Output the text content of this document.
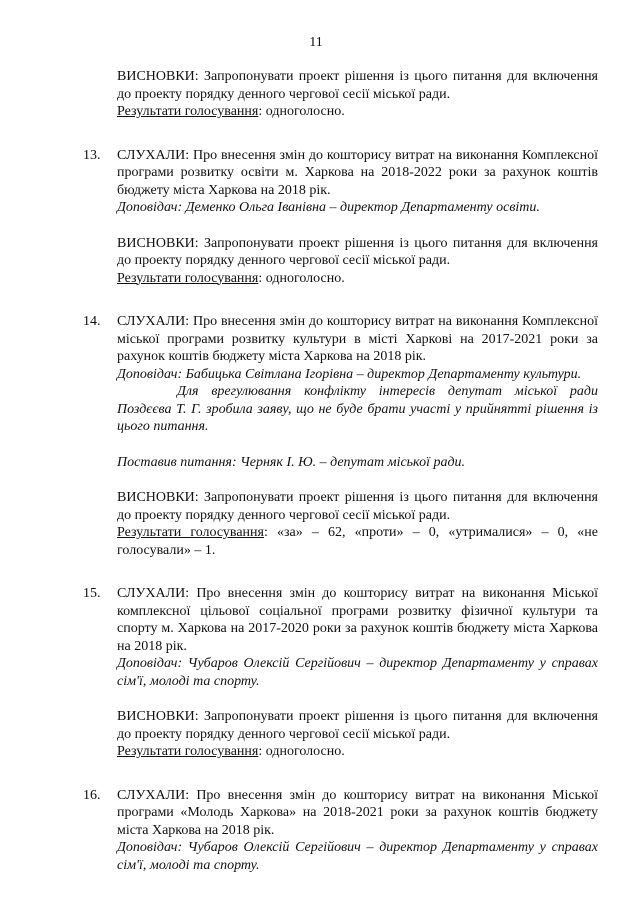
11

ВИСНОВКИ: Запропонувати проект рішення із цього питання для включення до проекту порядку денного чергової сесії міської ради.

Результати голосування: одноголосно.

13. СЛУХАЛИ: Про внесення змін до кошторису витрат на виконання Комплексної програми розвитку освіти м. Харкова на 2018-2022 роки за рахунок коштів бюджету міста Харкова на 2018 рік.

Доповідач: Деменко Ольга Іванівна – директор Департаменту освіти.

ВИСНОВКИ: Запропонувати проект рішення із цього питання для включення до проекту порядку денного чергової сесії міської ради.

Результати голосування: одноголосно.

14. СЛУХАЛИ: Про внесення змін до кошторису витрат на виконання Комплексної міської програми розвитку культури в місті Харкові на 2017-2021 роки за рахунок коштів бюджету міста Харкова на 2018 рік.

Доповідач: Бабицька Світлана Ігорівна – директор Департаменту культури.

Для врегулювання конфлікту інтересів депутат міської ради Поздєєва Т. Г. зробила заяву, що не буде брати участі у прийнятті рішення із цього питання.

Поставив питання: Черняк І. Ю. – депутат міської ради.

ВИСНОВКИ: Запропонувати проект рішення із цього питання для включення до проекту порядку денного чергової сесії міської ради.

Результати голосування: «за» – 62, «проти» – 0, «утрималися» – 0, «не голосували» – 1.

15. СЛУХАЛИ: Про внесення змін до кошторису витрат на виконання Міської комплексної цільової соціальної програми розвитку фізичної культури та спорту м. Харкова на 2017-2020 роки за рахунок коштів бюджету міста Харкова на 2018 рік.

Доповідач: Чубаров Олексій Сергійович – директор Департаменту у справах сім'ї, молоді та спорту.

ВИСНОВКИ: Запропонувати проект рішення із цього питання для включення до проекту порядку денного чергової сесії міської ради.

Результати голосування: одноголосно.

16. СЛУХАЛИ: Про внесення змін до кошторису витрат на виконання Міської програми «Молодь Харкова» на 2018-2021 роки за рахунок коштів бюджету міста Харкова на 2018 рік.

Доповідач: Чубаров Олексій Сергійович – директор Департаменту у справах сім'ї, молоді та спорту.
